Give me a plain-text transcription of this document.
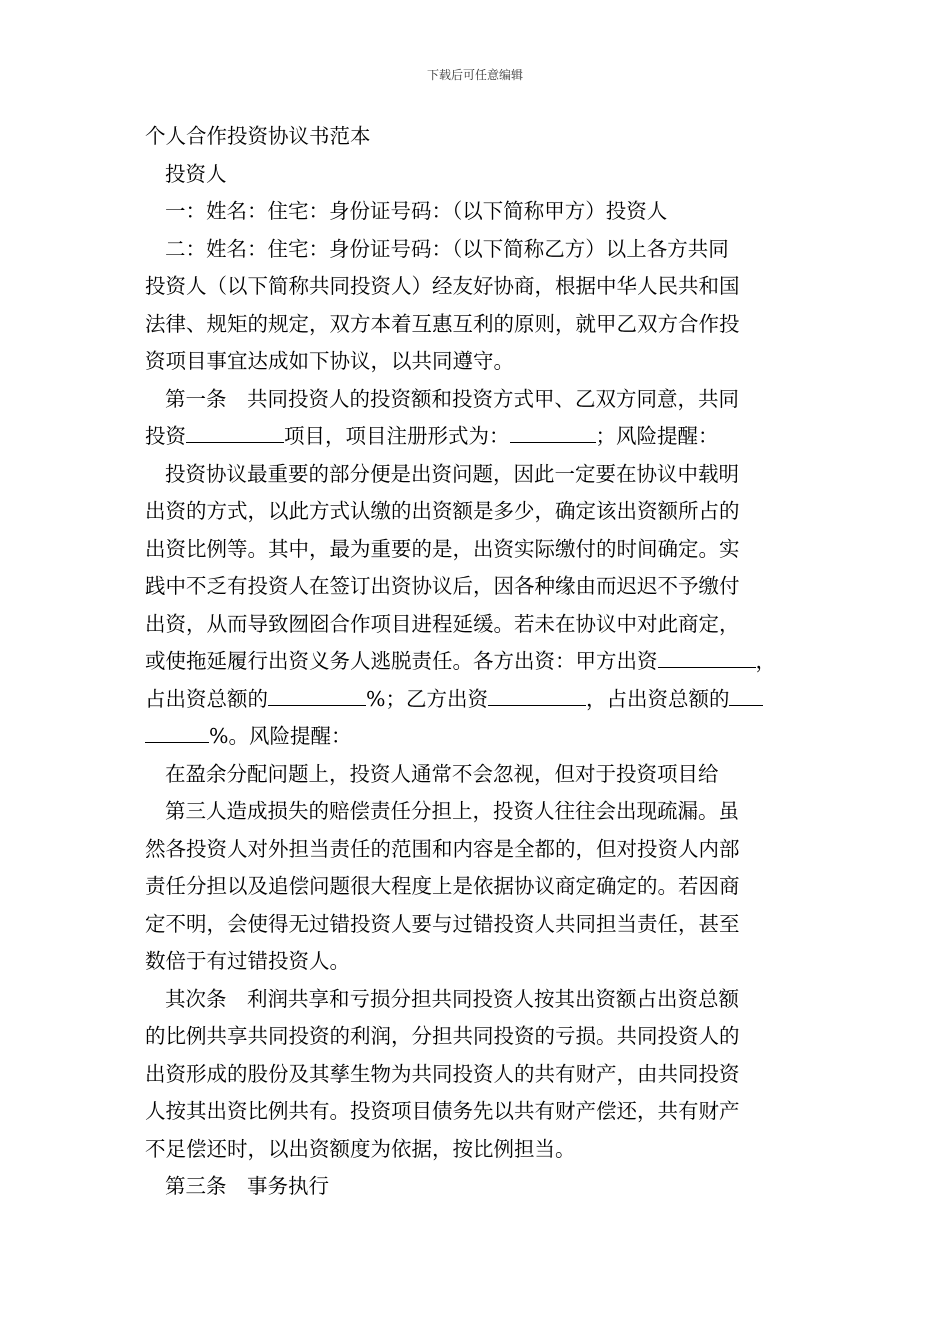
下载后可任意编辑
个人合作投资协议书范本
投资人
一：姓名：住宅：身份证号码：（以下简称甲方）投资人
二：姓名：住宅：身份证号码：（以下简称乙方）以上各方共同
投资人（以下简称共同投资人）经友好协商，根据中华人民共和国
法律、规矩的规定，双方本着互惠互利的原则，就甲乙双方合作投
资项目事宜达成如下协议，以共同遵守。
第一条　共同投资人的投资额和投资方式甲、乙双方同意，共同
投资	项目，项目注册形式为：	；风险提醒：
投资协议最重要的部分便是出资问题，因此一定要在协议中载明
出资的方式，以此方式认缴的出资额是多少，确定该出资额所占的
出资比例等。其中，最为重要的是，出资实际缴付的时间确定。实
践中不乏有投资人在签订出资协议后，因各种缘由而迟迟不予缴付
出资，从而导致囫囵合作项目进程延缓。若未在协议中对此商定，
或使拖延履行出资义务人逃脱责任。各方出资：甲方出资	，
占出资总额的	%；乙方出资	，占出资总额的
%。风险提醒：
在盈余分配问题上，投资人通常不会忽视，但对于投资项目给
第三人造成损失的赔偿责任分担上，投资人往往会出现疏漏。虽
然各投资人对外担当责任的范围和内容是全都的，但对投资人内部
责任分担以及追偿问题很大程度上是依据协议商定确定的。若因商
定不明，会使得无过错投资人要与过错投资人共同担当责任，甚至
数倍于有过错投资人。
其次条　利润共享和亏损分担共同投资人按其出资额占出资总额
的比例共享共同投资的利润，分担共同投资的亏损。共同投资人的
出资形成的股份及其孳生物为共同投资人的共有财产，由共同投资
人按其出资比例共有。投资项目债务先以共有财产偿还，共有财产
不足偿还时，以出资额度为依据，按比例担当。
第三条　事务执行
